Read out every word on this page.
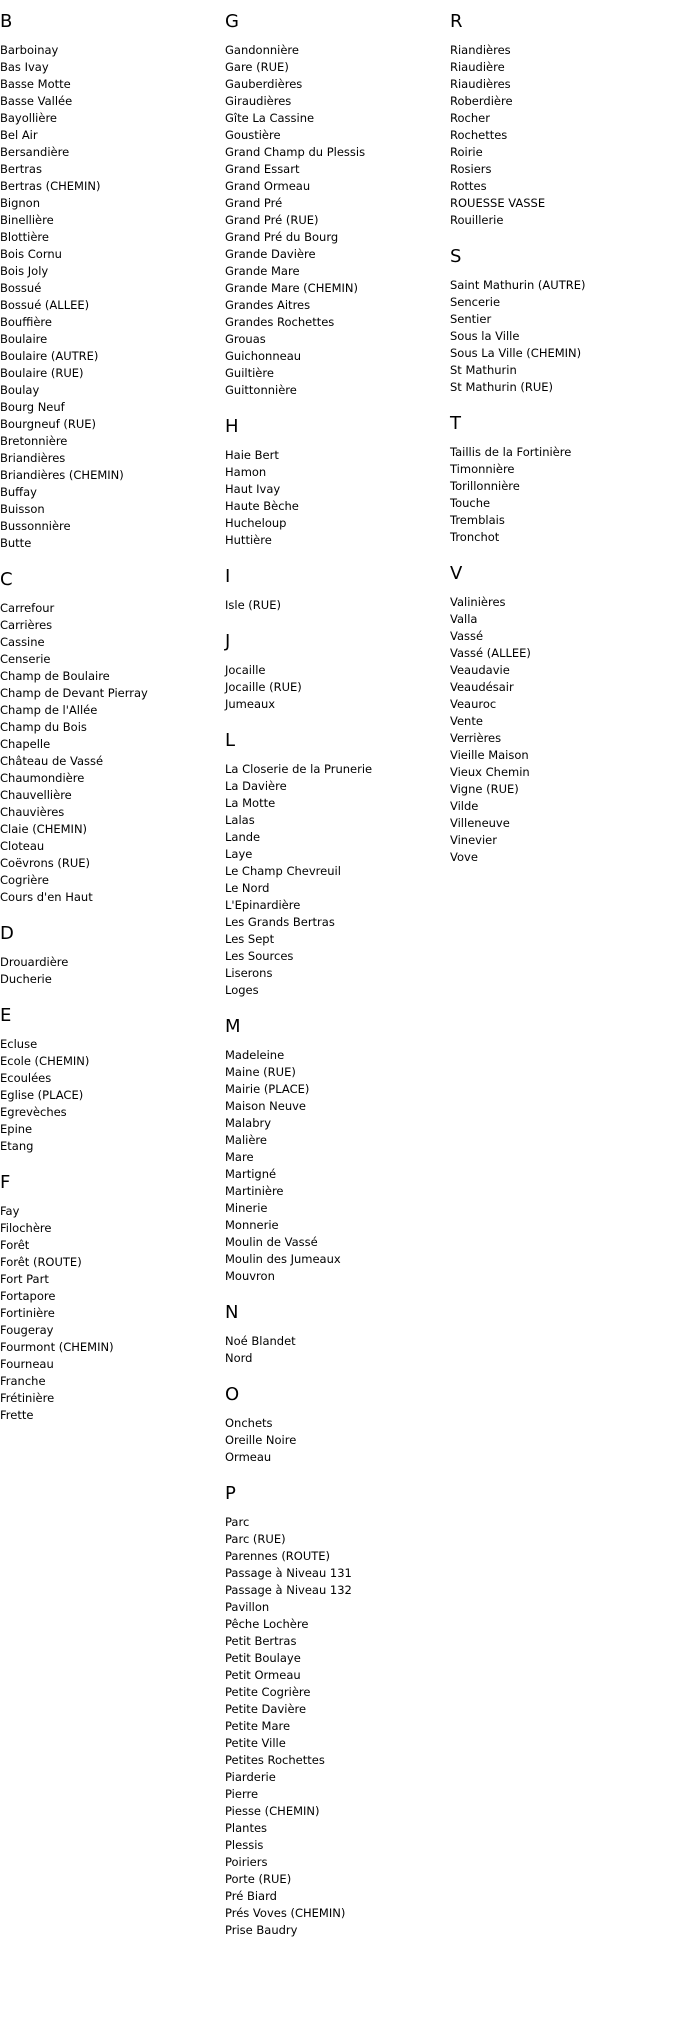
B
Barboinay
Bas Ivay
Basse Motte
Basse Vallée
Bayollière
Bel Air
Bersandière
Bertras
Bertras (CHEMIN)
Bignon
Binellière
Blottière
Bois Cornu
Bois Joly
Bossué
Bossué (ALLEE)
Bouffière
Boulaire
Boulaire (AUTRE)
Boulaire (RUE)
Boulay
Bourg Neuf
Bourgneuf (RUE)
Bretonnière
Briandières
Briandières (CHEMIN)
Buffay
Buisson
Bussonnière
Butte
C
Carrefour
Carrières
Cassine
Censerie
Champ de Boulaire
Champ de Devant Pierray
Champ de l'Allée
Champ du Bois
Chapelle
Château de Vassé
Chaumondière
Chauvellière
Chauvières
Claie (CHEMIN)
Cloteau
Coëvrons (RUE)
Cogrière
Cours d'en Haut
D
Drouardière
Ducherie
E
Ecluse
Ecole (CHEMIN)
Ecoulées
Eglise (PLACE)
Egrevèches
Epine
Etang
F
Fay
Filochère
Forêt
Forêt (ROUTE)
Fort Part
Fortapore
Fortinière
Fougeray
Fourmont (CHEMIN)
Fourneau
Franche
Frétinière
Frette
G
Gandonnière
Gare (RUE)
Gauberdières
Giraudières
Gîte La Cassine
Goustière
Grand Champ du Plessis
Grand Essart
Grand Ormeau
Grand Pré
Grand Pré (RUE)
Grand Pré du Bourg
Grande Davière
Grande Mare
Grande Mare (CHEMIN)
Grandes Aitres
Grandes Rochettes
Grouas
Guichonneau
Guiltière
Guittonnière
H
Haie Bert
Hamon
Haut Ivay
Haute Bèche
Hucheloup
Huttière
I
Isle (RUE)
J
Jocaille
Jocaille (RUE)
Jumeaux
L
La Closerie de la Prunerie
La Davière
La Motte
Lalas
Lande
Laye
Le Champ Chevreuil
Le Nord
L'Epinardière
Les Grands Bertras
Les Sept
Les Sources
Liserons
Loges
M
Madeleine
Maine (RUE)
Mairie (PLACE)
Maison Neuve
Malabry
Malière
Mare
Martigné
Martinière
Minerie
Monnerie
Moulin de Vassé
Moulin des Jumeaux
Mouvron
N
Noé Blandet
Nord
O
Onchets
Oreille Noire
Ormeau
P
Parc
Parc (RUE)
Parennes (ROUTE)
Passage à Niveau 131
Passage à Niveau 132
Pavillon
Pêche Lochère
Petit Bertras
Petit Boulaye
Petit Ormeau
Petite Cogrière
Petite Davière
Petite Mare
Petite Ville
Petites Rochettes
Piarderie
Pierre
Piesse (CHEMIN)
Plantes
Plessis
Poiriers
Porte (RUE)
Pré Biard
Prés Voves (CHEMIN)
Prise Baudry
R
Riandières
Riaudière
Riaudières
Roberdière
Rocher
Rochettes
Roirie
Rosiers
Rottes
ROUESSE VASSE
Rouillerie
S
Saint Mathurin (AUTRE)
Sencerie
Sentier
Sous la Ville
Sous La Ville (CHEMIN)
St Mathurin
St Mathurin (RUE)
T
Taillis de la Fortinière
Timonnière
Torillonnière
Touche
Tremblais
Tronchot
V
Valinières
Valla
Vassé
Vassé (ALLEE)
Veaudavie
Veaudésair
Veauroc
Vente
Verrières
Vieille Maison
Vieux Chemin
Vigne (RUE)
Vilde
Villeneuve
Vinevier
Vove
